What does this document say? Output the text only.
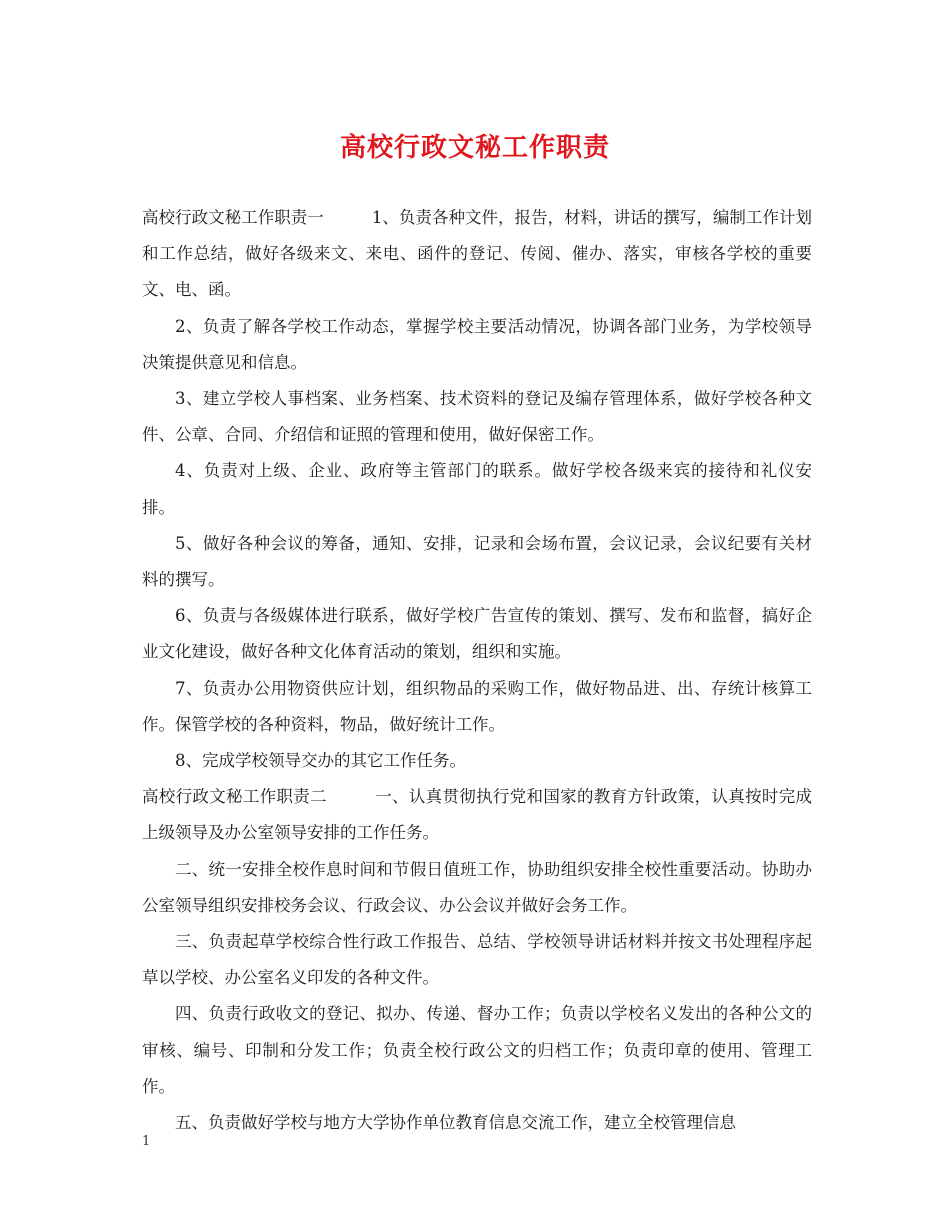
高校行政文秘工作职责

高校行政文秘工作职责一	1、负责各种文件，报告，材料，讲话的撰写，编制工作计划和工作总结，做好各级来文、来电、函件的登记、传阅、催办、落实，审核各学校的重要文、电、函。

2、负责了解各学校工作动态，掌握学校主要活动情况，协调各部门业务，为学校领导决策提供意见和信息。

3、建立学校人事档案、业务档案、技术资料的登记及编存管理体系，做好学校各种文件、公章、合同、介绍信和证照的管理和使用，做好保密工作。

4、负责对上级、企业、政府等主管部门的联系。做好学校各级来宾的接待和礼仪安排。

5、做好各种会议的筹备，通知、安排，记录和会场布置，会议记录，会议纪要有关材料的撰写。

6、负责与各级媒体进行联系，做好学校广告宣传的策划、撰写、发布和监督，搞好企业文化建设，做好各种文化体育活动的策划，组织和实施。

7、负责办公用物资供应计划，组织物品的采购工作，做好物品进、出、存统计核算工作。保管学校的各种资料，物品，做好统计工作。

8、完成学校领导交办的其它工作任务。

高校行政文秘工作职责二	一、认真贯彻执行党和国家的教育方针政策，认真按时完成上级领导及办公室领导安排的工作任务。

二、统一安排全校作息时间和节假日值班工作，协助组织安排全校性重要活动。协助办公室领导组织安排校务会议、行政会议、办公会议并做好会务工作。

三、负责起草学校综合性行政工作报告、总结、学校领导讲话材料并按文书处理程序起草以学校、办公室名义印发的各种文件。

四、负责行政收文的登记、拟办、传递、督办工作；负责以学校名义发出的各种公文的审核、编号、印制和分发工作；负责全校行政公文的归档工作；负责印章的使用、管理工作。

五、负责做好学校与地方大学协作单位教育信息交流工作，建立全校管理信息

1
